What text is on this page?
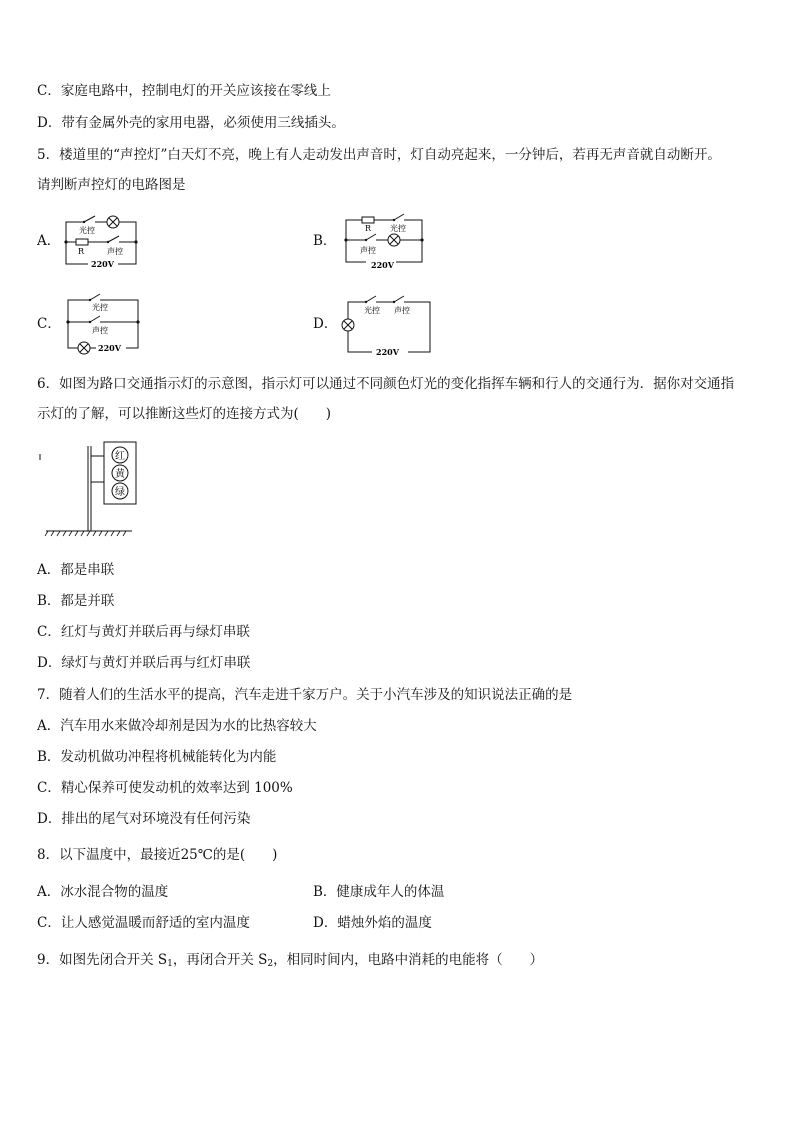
C．家庭电路中，控制电灯的开关应该接在零线上
D．带有金属外壳的家用电器，必须使用三线插头。
5．楼道里的“声控灯”白天灯不亮，晚上有人走动发出声音时，灯自动亮起来，一分钟后，若再无声音就自动断开。
请判断声控灯的电路图是
A．	B．
C．	D．
光控
R	声控
220V
R 光控
声控
220V
光控
声控
220V
光控 声控
220V
6．如图为路口交通指示灯的示意图，指示灯可以通过不同颜色灯光的变化指挥车辆和行人的交通行为．据你对交通指
示灯的了解，可以推断这些灯的连接方式为(　　)
红
黄
绿
A．都是串联
B．都是并联
C．红灯与黄灯并联后再与绿灯串联
D．绿灯与黄灯并联后再与红灯串联
7．随着人们的生活水平的提高，汽车走进千家万户。关于小汽车涉及的知识说法正确的是
A．汽车用水来做冷却剂是因为水的比热容较大
B．发动机做功冲程将机械能转化为内能
C．精心保养可使发动机的效率达到 100%
D．排出的尾气对环境没有任何污染
8．以下温度中，最接近25℃的是(　　)
A．冰水混合物的温度	B．健康成年人的体温
C．让人感觉温暖而舒适的室内温度	D．蜡烛外焰的温度
9．如图先闭合开关 $S_1$，再闭合开关 $S_2$，相同时间内，电路中消耗的电能将（　　）
